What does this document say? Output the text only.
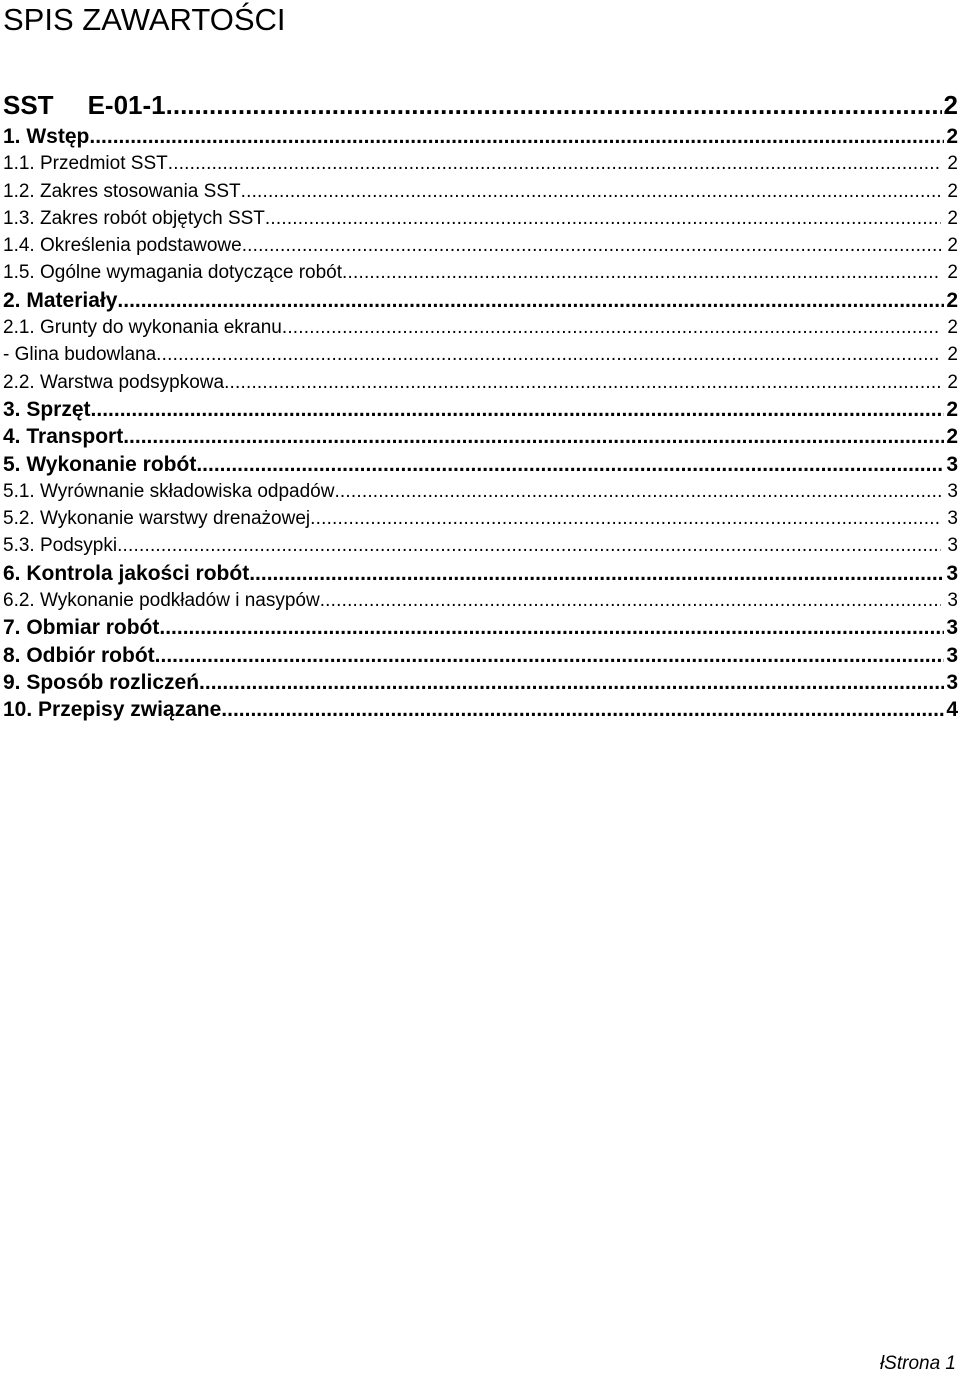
SPIS ZAWARTOŚCI
SST E-01-1 .....	2
1. Wstęp .....	2
1.1. Przedmiot SST .....	2
1.2. Zakres stosowania SST .....	2
1.3. Zakres robót objętych SST .....	2
1.4. Określenia podstawowe .....	2
1.5. Ogólne wymagania dotyczące robót .....	2
2. Materiały .....	2
2.1. Grunty do wykonania ekranu .....	2
- Glina budowlana .....	2
2.2. Warstwa podsypkowa .....	2
3. Sprzęt .....	2
4. Transport .....	2
5. Wykonanie robót .....	3
5.1. Wyrównanie składowiska odpadów .....	3
5.2. Wykonanie warstwy drenażowej .....	3
5.3. Podsypki .....	3
6. Kontrola jakości robót .....	3
6.2. Wykonanie podkładów i nasypów .....	3
7. Obmiar robót .....	3
8. Odbiór robót .....	3
9. Sposób rozliczeń .....	3
10. Przepisy związane .....	4
łStrona 1
